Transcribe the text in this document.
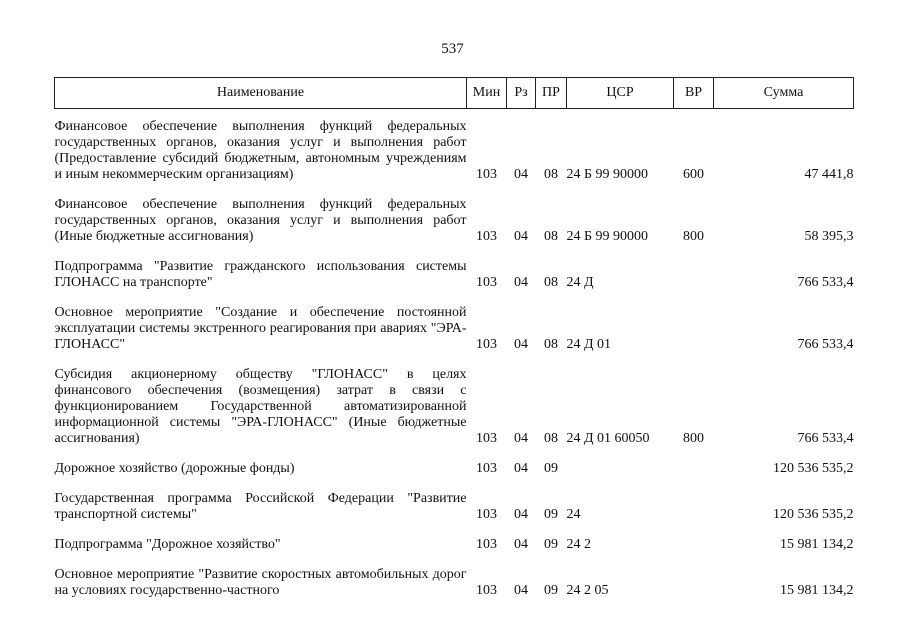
537
Наименование	Мин	Рз	ПР	ЦСР	ВР	Сумма

Финансовое обеспечение выполнения функций федеральных государственных органов, оказания услуг и выполнения работ (Предоставление субсидий бюджетным, автономным учреждениям и иным некоммерческим организациям)	103	04	08	24 Б 99 90000	600	47 441,8

Финансовое обеспечение выполнения функций федеральных государственных органов, оказания услуг и выполнения работ (Иные бюджетные ассигнования)	103	04	08	24 Б 99 90000	800	58 395,3

Подпрограмма "Развитие гражданского использования системы ГЛОНАСС на транспорте"	103	04	08	24 Д		766 533,4

Основное мероприятие "Создание и обеспечение постоянной эксплуатации системы экстренного реагирования при авариях "ЭРА-ГЛОНАСС"	103	04	08	24 Д 01		766 533,4

Субсидия акционерному обществу "ГЛОНАСС" в целях финансового обеспечения (возмещения) затрат в связи с функционированием Государственной автоматизированной информационной системы "ЭРА-ГЛОНАСС" (Иные бюджетные ассигнования)	103	04	08	24 Д 01 60050	800	766 533,4

Дорожное хозяйство (дорожные фонды)	103	04	09			120 536 535,2

Государственная программа Российской Федерации "Развитие транспортной системы"	103	04	09	24		120 536 535,2

Подпрограмма "Дорожное хозяйство"	103	04	09	24 2		15 981 134,2

Основное мероприятие "Развитие скоростных автомобильных дорог на условиях государственно-частного	103	04	09	24 2 05		15 981 134,2
